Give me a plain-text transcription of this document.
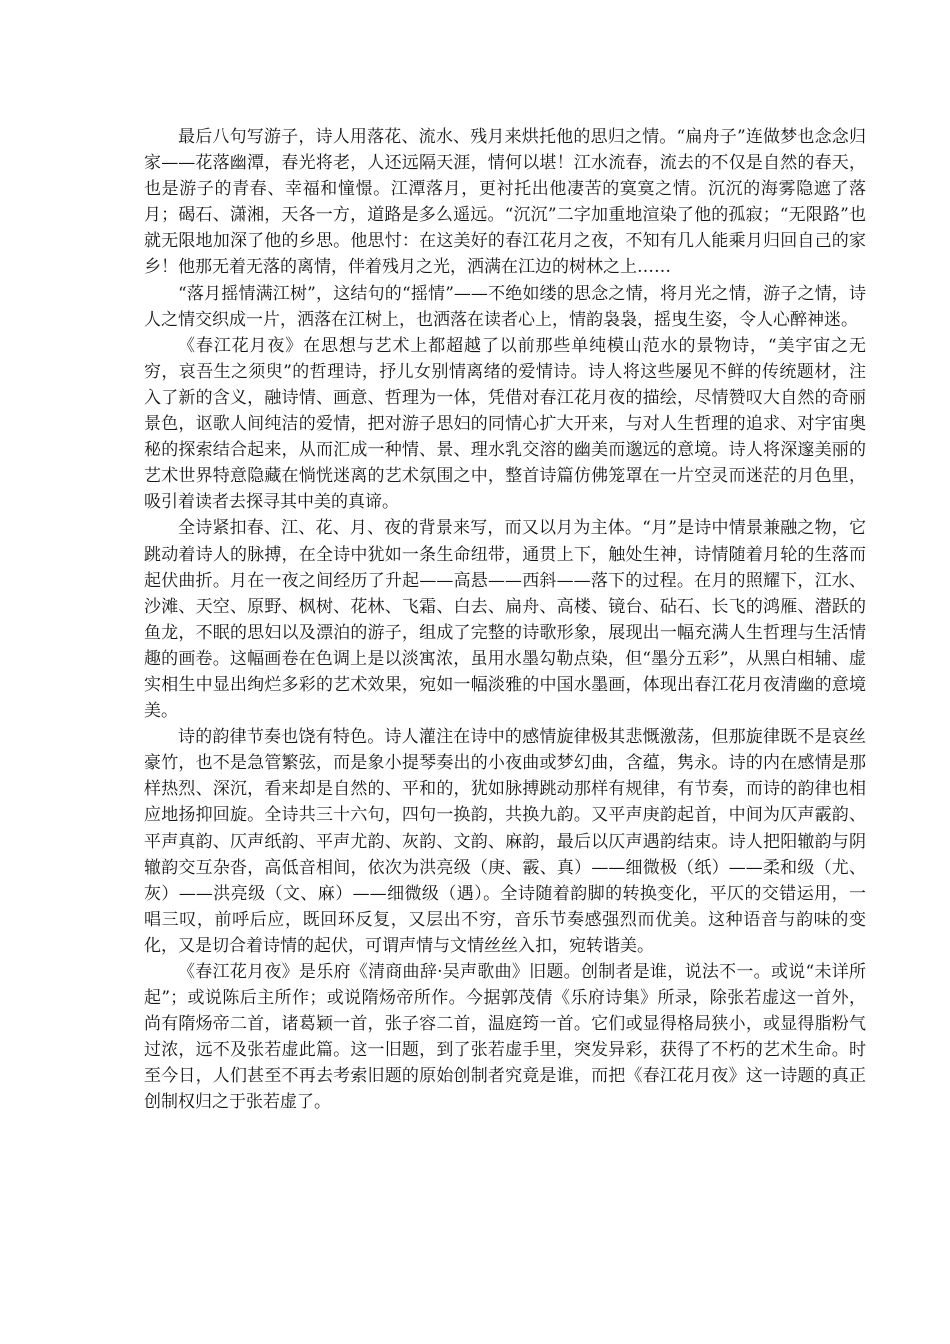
最后八句写游子，诗人用落花、流水、残月来烘托他的思归之情。“扁舟子”连做梦也念念归家——花落幽潭，春光将老，人还远隔天涯，情何以堪！江水流春，流去的不仅是自然的春天，也是游子的青春、幸福和憧憬。江潭落月，更衬托出他凄苦的寞寞之情。沉沉的海雾隐遮了落月；碣石、潇湘，天各一方，道路是多么遥远。“沉沉”二字加重地渲染了他的孤寂；“无限路”也就无限地加深了他的乡思。他思忖：在这美好的春江花月之夜，不知有几人能乘月归回自己的家乡！他那无着无落的离情，伴着残月之光，洒满在江边的树林之上……

“落月摇情满江树”，这结句的“摇情”——不绝如缕的思念之情，将月光之情，游子之情，诗人之情交织成一片，洒落在江树上，也洒落在读者心上，情韵袅袅，摇曳生姿，令人心醉神迷。

《春江花月夜》在思想与艺术上都超越了以前那些单纯模山范水的景物诗，“美宇宙之无穷，哀吾生之须臾”的哲理诗，抒儿女别情离绪的爱情诗。诗人将这些屡见不鲜的传统题材，注入了新的含义，融诗情、画意、哲理为一体，凭借对春江花月夜的描绘，尽情赞叹大自然的奇丽景色，讴歌人间纯洁的爱情，把对游子思妇的同情心扩大开来，与对人生哲理的追求、对宇宙奥秘的探索结合起来，从而汇成一种情、景、理水乳交溶的幽美而邈远的意境。诗人将深邃美丽的艺术世界特意隐藏在惝恍迷离的艺术氛围之中，整首诗篇仿佛笼罩在一片空灵而迷茫的月色里，吸引着读者去探寻其中美的真谛。

全诗紧扣春、江、花、月、夜的背景来写，而又以月为主体。“月”是诗中情景兼融之物，它跳动着诗人的脉搏，在全诗中犹如一条生命纽带，通贯上下，触处生神，诗情随着月轮的生落而起伏曲折。月在一夜之间经历了升起——高悬——西斜——落下的过程。在月的照耀下，江水、沙滩、天空、原野、枫树、花林、飞霜、白去、扁舟、高楼、镜台、砧石、长飞的鸿雁、潜跃的鱼龙，不眠的思妇以及漂泊的游子，组成了完整的诗歌形象，展现出一幅充满人生哲理与生活情趣的画卷。这幅画卷在色调上是以淡寓浓，虽用水墨勾勒点染，但“墨分五彩”，从黑白相辅、虚实相生中显出绚烂多彩的艺术效果，宛如一幅淡雅的中国水墨画，体现出春江花月夜清幽的意境美。

诗的韵律节奏也饶有特色。诗人灌注在诗中的感情旋律极其悲慨激荡，但那旋律既不是哀丝豪竹，也不是急管繁弦，而是象小提琴奏出的小夜曲或梦幻曲，含蕴，隽永。诗的内在感情是那样热烈、深沉，看来却是自然的、平和的，犹如脉搏跳动那样有规律，有节奏，而诗的韵律也相应地扬抑回旋。全诗共三十六句，四句一换韵，共换九韵。又平声庚韵起首，中间为仄声霰韵、平声真韵、仄声纸韵、平声尤韵、灰韵、文韵、麻韵，最后以仄声遇韵结束。诗人把阳辙韵与阴辙韵交互杂沓，高低音相间，依次为洪亮级（庚、霰、真）——细微极（纸）——柔和级（尤、灰）——洪亮级（文、麻）——细微级（遇）。全诗随着韵脚的转换变化，平仄的交错运用，一唱三叹，前呼后应，既回环反复，又层出不穷，音乐节奏感强烈而优美。这种语音与韵味的变化，又是切合着诗情的起伏，可谓声情与文情丝丝入扣，宛转谐美。

《春江花月夜》是乐府《清商曲辞·吴声歌曲》旧题。创制者是谁，说法不一。或说“未详所起”；或说陈后主所作；或说隋炀帝所作。今据郭茂倩《乐府诗集》所录，除张若虚这一首外，尚有隋炀帝二首，诸葛颖一首，张子容二首，温庭筠一首。它们或显得格局狭小，或显得脂粉气过浓，远不及张若虚此篇。这一旧题，到了张若虚手里，突发异彩，获得了不朽的艺术生命。时至今日，人们甚至不再去考索旧题的原始创制者究竟是谁，而把《春江花月夜》这一诗题的真正创制权归之于张若虚了。
